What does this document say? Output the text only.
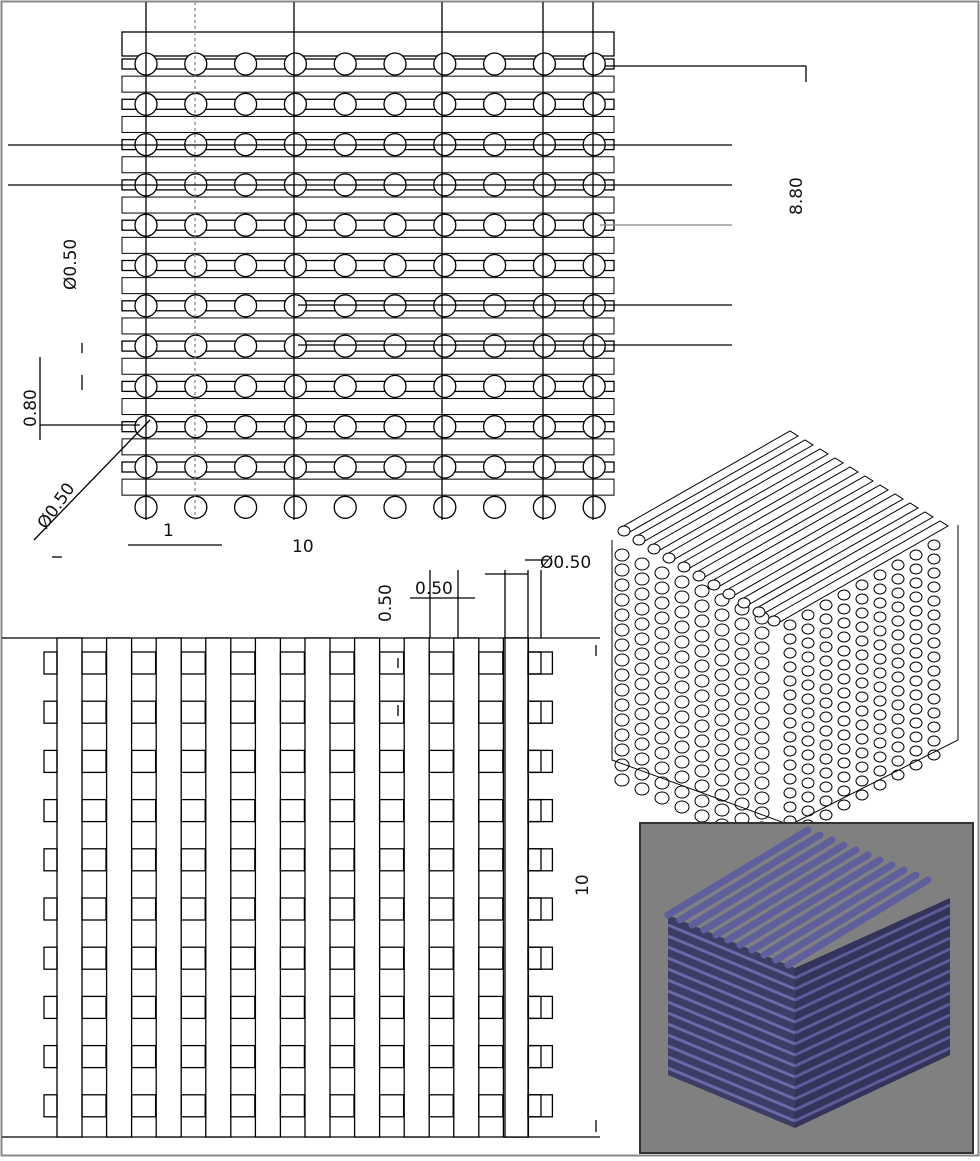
Ø0.50
0.80
Ø0.50	1
10
8.80
0.50 0.50
Ø0.50
10
